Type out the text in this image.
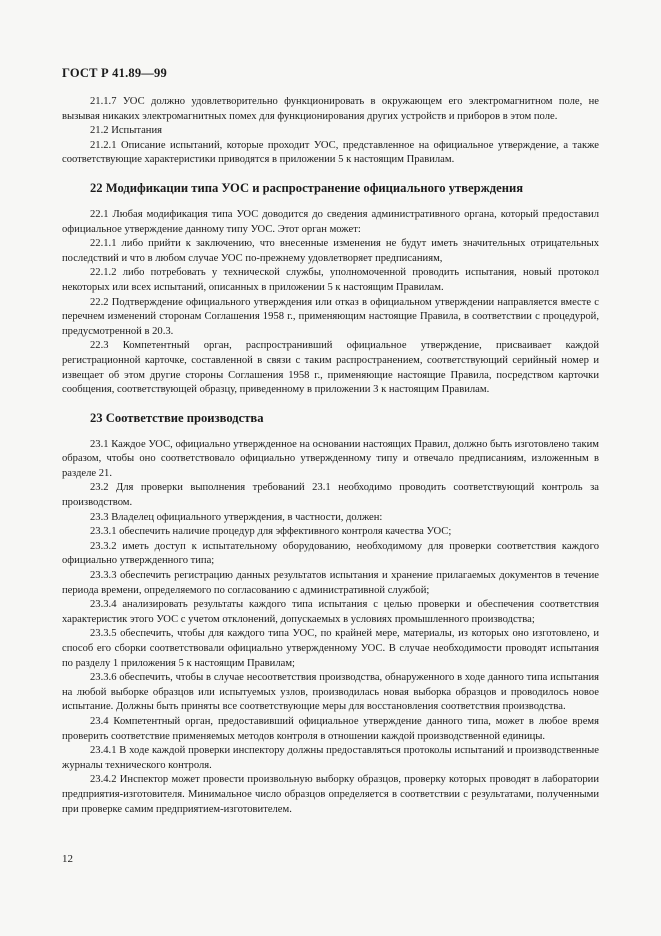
ГОСТ Р 41.89—99

21.1.7 УОС должно удовлетворительно функционировать в окружающем его электромагнитном поле, не вызывая никаких электромагнитных помех для функционирования других устройств и приборов в этом поле.

21.2 Испытания

21.2.1 Описание испытаний, которые проходит УОС, представленное на официальное утверждение, а также соответствующие характеристики приводятся в приложении 5 к настоящим Правилам.

22 Модификации типа УОС и распространение официального утверждения

22.1 Любая модификация типа УОС доводится до сведения административного органа, который предоставил официальное утверждение данному типу УОС. Этот орган может:

22.1.1 либо прийти к заключению, что внесенные изменения не будут иметь значительных отрицательных последствий и что в любом случае УОС по-прежнему удовлетворяет предписаниям,

22.1.2 либо потребовать у технической службы, уполномоченной проводить испытания, новый протокол некоторых или всех испытаний, описанных в приложении 5 к настоящим Правилам.

22.2 Подтверждение официального утверждения или отказ в официальном утверждении направляется вместе с перечнем изменений сторонам Соглашения 1958 г., применяющим настоящие Правила, в соответствии с процедурой, предусмотренной в 20.3.

22.3 Компетентный орган, распространивший официальное утверждение, присваивает каждой регистрационной карточке, составленной в связи с таким распространением, соответствующий серийный номер и извещает об этом другие стороны Соглашения 1958 г., применяющие настоящие Правила, посредством карточки сообщения, соответствующей образцу, приведенному в приложении 3 к настоящим Правилам.

23 Соответствие производства

23.1 Каждое УОС, официально утвержденное на основании настоящих Правил, должно быть изготовлено таким образом, чтобы оно соответствовало официально утвержденному типу и отвечало предписаниям, изложенным в разделе 21.

23.2 Для проверки выполнения требований 23.1 необходимо проводить соответствующий контроль за производством.

23.3 Владелец официального утверждения, в частности, должен:

23.3.1 обеспечить наличие процедур для эффективного контроля качества УОС;

23.3.2 иметь доступ к испытательному оборудованию, необходимому для проверки соответствия каждого официально утвержденного типа;

23.3.3 обеспечить регистрацию данных результатов испытания и хранение прилагаемых документов в течение периода времени, определяемого по согласованию с административной службой;

23.3.4 анализировать результаты каждого типа испытания с целью проверки и обеспечения соответствия характеристик этого УОС с учетом отклонений, допускаемых в условиях промышленного производства;

23.3.5 обеспечить, чтобы для каждого типа УОС, по крайней мере, материалы, из которых оно изготовлено, и способ его сборки соответствовали официально утвержденному УОС. В случае необходимости проводят испытания по разделу 1 приложения 5 к настоящим Правилам;

23.3.6 обеспечить, чтобы в случае несоответствия производства, обнаруженного в ходе данного типа испытания на любой выборке образцов или испытуемых узлов, производилась новая выборка образцов и проводилось новое испытание. Должны быть приняты все соответствующие меры для восстановления соответствия производства.

23.4 Компетентный орган, предоставивший официальное утверждение данного типа, может в любое время проверить соответствие применяемых методов контроля в отношении каждой производственной единицы.

23.4.1 В ходе каждой проверки инспектору должны предоставляться протоколы испытаний и производственные журналы технического контроля.

23.4.2 Инспектор может провести произвольную выборку образцов, проверку которых проводят в лаборатории предприятия-изготовителя. Минимальное число образцов определяется в соответствии с результатами, полученными при проверке самим предприятием-изготовителем.

12
